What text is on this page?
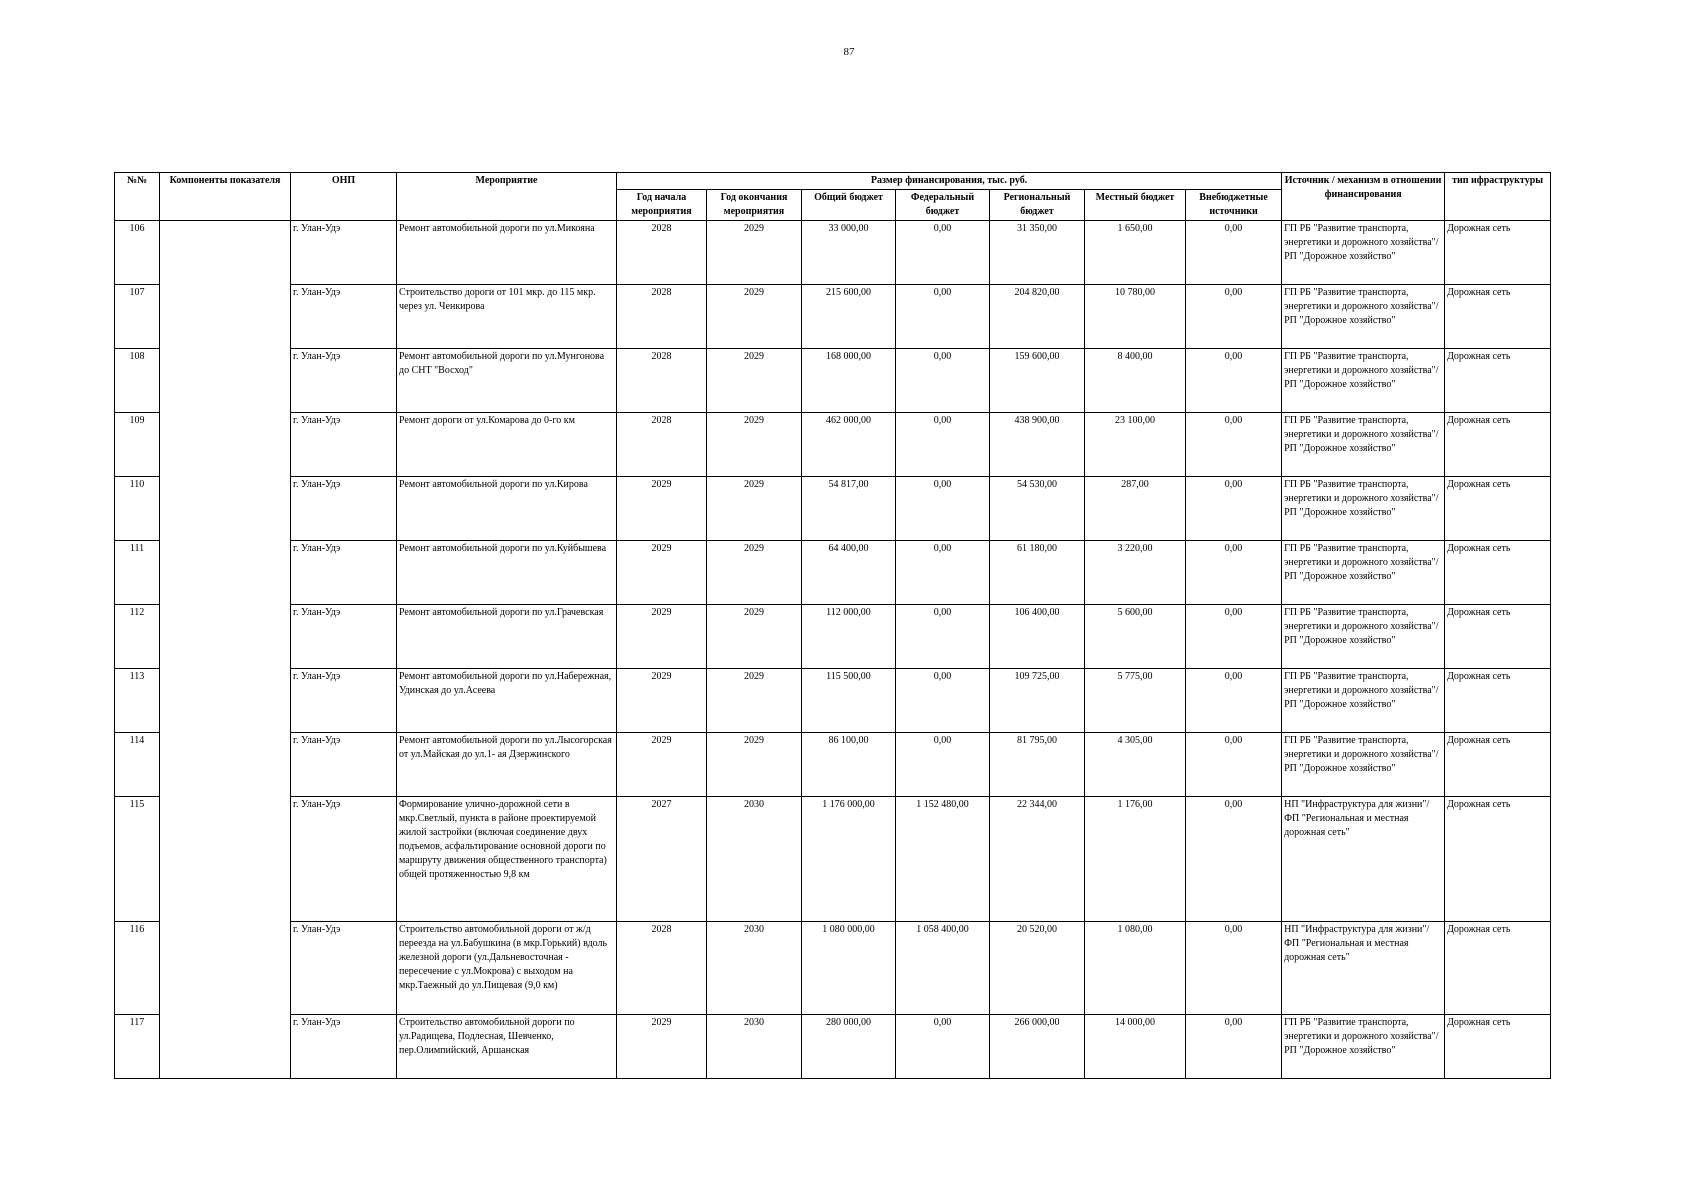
87
№№	Компоненты показателя	ОНП	Мероприятие	Размер финансирования, тыс. руб.							Источник / механизм в отношении финансирования	тип ифраструктуры
				Год начала мероприятия	Год окончания мероприятия	Общий бюджет	Федеральный бюджет	Региональный бюджет	Местный бюджет	Внебюджетные источники		
106		г. Улан-Удэ	Ремонт автомобильной дороги по ул.Микояна	2028	2029	33 000,00	0,00	31 350,00	1 650,00	0,00	ГП РБ "Развитие транспорта, энергетики и дорожного хозяйства"/РП "Дорожное хозяйство"	Дорожная сеть
107		г. Улан-Удэ	Строительство дороги от 101 мкр. до 115 мкр. через ул. Ченкирова	2028	2029	215 600,00	0,00	204 820,00	10 780,00	0,00	ГП РБ "Развитие транспорта, энергетики и дорожного хозяйства"/РП "Дорожное хозяйство"	Дорожная сеть
108		г. Улан-Удэ	Ремонт автомобильной дороги по ул.Мунгонова до СНТ "Восход"	2028	2029	168 000,00	0,00	159 600,00	8 400,00	0,00	ГП РБ "Развитие транспорта, энергетики и дорожного хозяйства"/РП "Дорожное хозяйство"	Дорожная сеть
109		г. Улан-Удэ	Ремонт дороги от ул.Комарова до 0-го км	2028	2029	462 000,00	0,00	438 900,00	23 100,00	0,00	ГП РБ "Развитие транспорта, энергетики и дорожного хозяйства"/РП "Дорожное хозяйство"	Дорожная сеть
110		г. Улан-Удэ	Ремонт автомобильной дороги по ул.Кирова	2029	2029	54 817,00	0,00	54 530,00	287,00	0,00	ГП РБ "Развитие транспорта, энергетики и дорожного хозяйства"/РП "Дорожное хозяйство"	Дорожная сеть
111		г. Улан-Удэ	Ремонт автомобильной дороги по ул.Куйбышева	2029	2029	64 400,00	0,00	61 180,00	3 220,00	0,00	ГП РБ "Развитие транспорта, энергетики и дорожного хозяйства"/РП "Дорожное хозяйство"	Дорожная сеть
112		г. Улан-Удэ	Ремонт автомобильной дороги по ул.Грачевская	2029	2029	112 000,00	0,00	106 400,00	5 600,00	0,00	ГП РБ "Развитие транспорта, энергетики и дорожного хозяйства"/РП "Дорожное хозяйство"	Дорожная сеть
113		г. Улан-Удэ	Ремонт автомобильной дороги по ул.Набережная, Удинская до ул.Асеева	2029	2029	115 500,00	0,00	109 725,00	5 775,00	0,00	ГП РБ "Развитие транспорта, энергетики и дорожного хозяйства"/РП "Дорожное хозяйство"	Дорожная сеть
114		г. Улан-Удэ	Ремонт автомобильной дороги по ул.Лысогорская от ул.Майская до ул.1- ая Дзержинского	2029	2029	86 100,00	0,00	81 795,00	4 305,00	0,00	ГП РБ "Развитие транспорта, энергетики и дорожного хозяйства"/РП "Дорожное хозяйство"	Дорожная сеть
115		г. Улан-Удэ	Формирование улично-дорожной сети в мкр.Светлый, пункта в районе проектируемой жилой застройки (включая соединение двух подъемов, асфальтирование основной дороги по маршруту движения общественного транспорта) общей протяженностью 9,8 км	2027	2030	1 176 000,00	1 152 480,00	22 344,00	1 176,00	0,00	НП "Инфраструктура для жизни"/ФП "Региональная и местная дорожная сеть"	Дорожная сеть
116		г. Улан-Удэ	Строительство автомобильной дороги от ж/д переезда на ул.Бабушкина (в мкр.Горький) вдоль железной дороги (ул.Дальневосточная - пересечение с ул.Мокрова) с выходом на мкр.Таежный до ул.Пищевая (9,0 км)	2028	2030	1 080 000,00	1 058 400,00	20 520,00	1 080,00	0,00	НП "Инфраструктура для жизни"/ФП "Региональная и местная дорожная сеть"	Дорожная сеть
117		г. Улан-Удэ	Строительство автомобильной дороги по ул.Радищева, Подлесная, Шевченко, пер.Олимпийский, Аршанская	2029	2030	280 000,00	0,00	266 000,00	14 000,00	0,00	ГП РБ "Развитие транспорта, энергетики и дорожного хозяйства"/РП "Дорожное хозяйство"	Дорожная сеть
